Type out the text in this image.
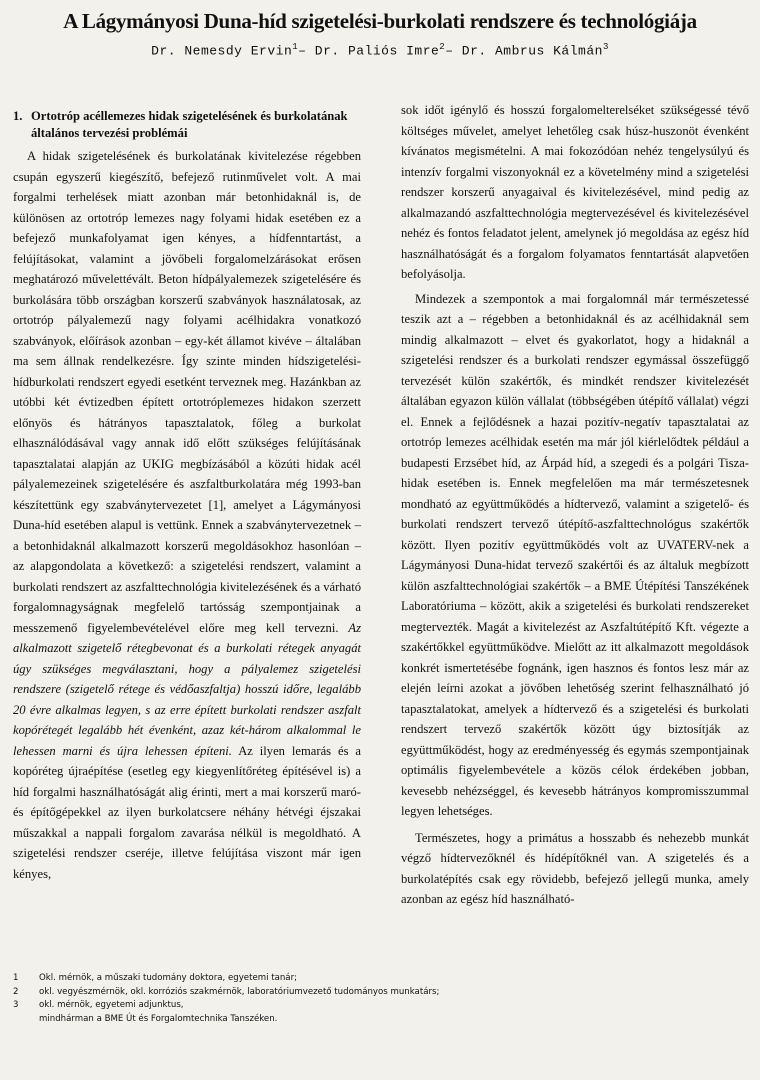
A Lágymányosi Duna-híd szigetelési-burkolati rendszere és technológiája
Dr. Nemesdy Ervin$^1$– Dr. Paliós Imre$^2$– Dr. Ambrus Kálmán$^3$
1. Ortotróp acéllemezes hidak szigetelésének és burkolatának általános tervezési problémái

A hidak szigetelésének és burkolatának kivitelezése régebben csupán egyszerű kiegészítő, befejező rutinművelet volt. A mai forgalmi terhelések miatt azonban már betonhidaknál is, de különösen az ortotróp lemezes nagy folyami hidak esetében ez a befejező munkafolyamat igen kényes, a hídfenntartást, a felújításokat, valamint a jövőbeli forgalomelzárásokat erősen meghatározó művelettévált. Beton hídpályalemezek szigetelésére és burkolására több országban korszerű szabványok használatosak, az ortotróp pályalemezű nagy folyami acélhidakra vonatkozó szabványok, előírások azonban – egy-két államot kivéve – általában ma sem állnak rendelkezésre. Így szinte minden hídszigetelési-hídburkolati rendszert egyedi esetként terveznek meg. Hazánkban az utóbbi két évtizedben épített ortotróplemezes hidakon szerzett előnyös és hátrányos tapasztalatok, főleg a burkolat elhasználódásával vagy annak idő előtt szükséges felújításának tapasztalatai alapján az UKIG megbízásából a közúti hidak acél pályalemezeinek szigetelésére és aszfaltburkolatára még 1993-ban készítettünk egy szabványtervezetet [1], amelyet a Lágymányosi Duna-híd esetében alapul is vettünk. Ennek a szabványtervezetnek – a betonhidaknál alkalmazott korszerű megoldásokhoz hasonlóan – az alapgondolata a következő: a szigetelési rendszert, valamint a burkolati rendszert az aszfalttechnológia kivitelezésének és a várható forgalomnagyságnak megfelelő tartósság szempontjainak a messzemenő figyelembevételével előre meg kell tervezni. Az alkalmazott szigetelő rétegbevonat és a burkolati rétegek anyagát úgy szükséges megválasztani, hogy a pályalemez szigetelési rendszere (szigetelő rétege és védőaszfaltja) hosszú időre, legalább 20 évre alkalmas legyen, s az erre épített burkolati rendszer aszfalt kopórétegét legalább hét évenként, azaz két-három alkalommal le lehessen marni és újra lehessen építeni. Az ilyen lemarás és a kopóréteg újraépítése (esetleg egy kiegyenlítőréteg építésével is) a híd forgalmi használhatóságát alig érinti, mert a mai korszerű maró- és építőgépekkel az ilyen burkolatcsere néhány hétvégi éjszakai műszakkal a nappali forgalom zavarása nélkül is megoldható. A szigetelési rendszer cseréje, illetve felújítása viszont már igen kényes,

sok időt igénylő és hosszú forgalomelterelséket szükségessé tévő költséges művelet, amelyet lehetőleg csak húsz-huszonöt évenként kívánatos megismételni. A mai fokozódóan nehéz tengelysúlyú és intenzív forgalmi viszonyoknál ez a követelmény mind a szigetelési rendszer korszerű anyagaival és kivitelezésével, mind pedig az alkalmazandó aszfalttechnológia megtervezésével és kivitelezésével nehéz és fontos feladatot jelent, amelynek jó megoldása az egész híd használhatóságát és a forgalom folyamatos fenntartását alapvetően befolyásolja.

Mindezek a szempontok a mai forgalomnál már természetessé teszik azt a – régebben a betonhidaknál és az acélhidaknál sem mindig alkalmazott – elvet és gyakorlatot, hogy a hidaknál a szigetelési rendszer és a burkolati rendszer egymással összefüggő tervezését külön szakértők, és mindkét rendszer kivitelezését általában egyazon külön vállalat (többségében útépítő vállalat) végzi el. Ennek a fejlődésnek a hazai pozitív-negatív tapasztalatai az ortotróp lemezes acélhidak esetén ma már jól kiérlelődtek például a budapesti Erzsébet híd, az Árpád híd, a szegedi és a polgári Tisza-hidak esetében is. Ennek megfelelően ma már természetesnek mondható az együttműködés a hídtervező, valamint a szigetelő- és burkolati rendszert tervező útépítő-aszfalttechnológus szakértők között. Ilyen pozitív együttműködés volt az UVATERV-nek a Lágymányosi Duna-hidat tervező szakértői és az általuk megbízott külön aszfalttechnológiai szakértők – a BME Útépítési Tanszékének Laboratóriuma – között, akik a szigetelési és burkolati rendszereket megtervezték. Magát a kivitelezést az Aszfaltútépítő Kft. végezte a szakértőkkel együttműködve. Mielőtt az itt alkalmazott megoldások konkrét ismertetésébe fognánk, igen hasznos és fontos lesz már az elején leírni azokat a jövőben lehetőség szerint felhasználható jó tapasztalatokat, amelyek a hídtervező és a szigetelési és burkolati rendszert tervező szakértők között úgy biztosítják az együttműködést, hogy az eredményesség és egymás szempontjainak optimális figyelembevétele a közös célok érdekében jobban, kevesebb nehézséggel, és kevesebb hátrányos kompromisszummal legyen lehetséges.

Természetes, hogy a primátus a hosszabb és nehezebb munkát végző hídtervezőknél és hídépítőknél van. A szigetelés és a burkolatépítés csak egy rövidebb, befejező jellegű munka, amely azonban az egész híd használható-

1	Okl. mérnök, a műszaki tudomány doktora, egyetemi tanár;
2	okl. vegyészmérnök, okl. korróziós szakmérnök, laboratóriumvezető tudományos munkatárs;
3	okl. mérnök, egyetemi adjunktus,
mindhárman a BME Út és Forgalomtechnika Tanszéken.
